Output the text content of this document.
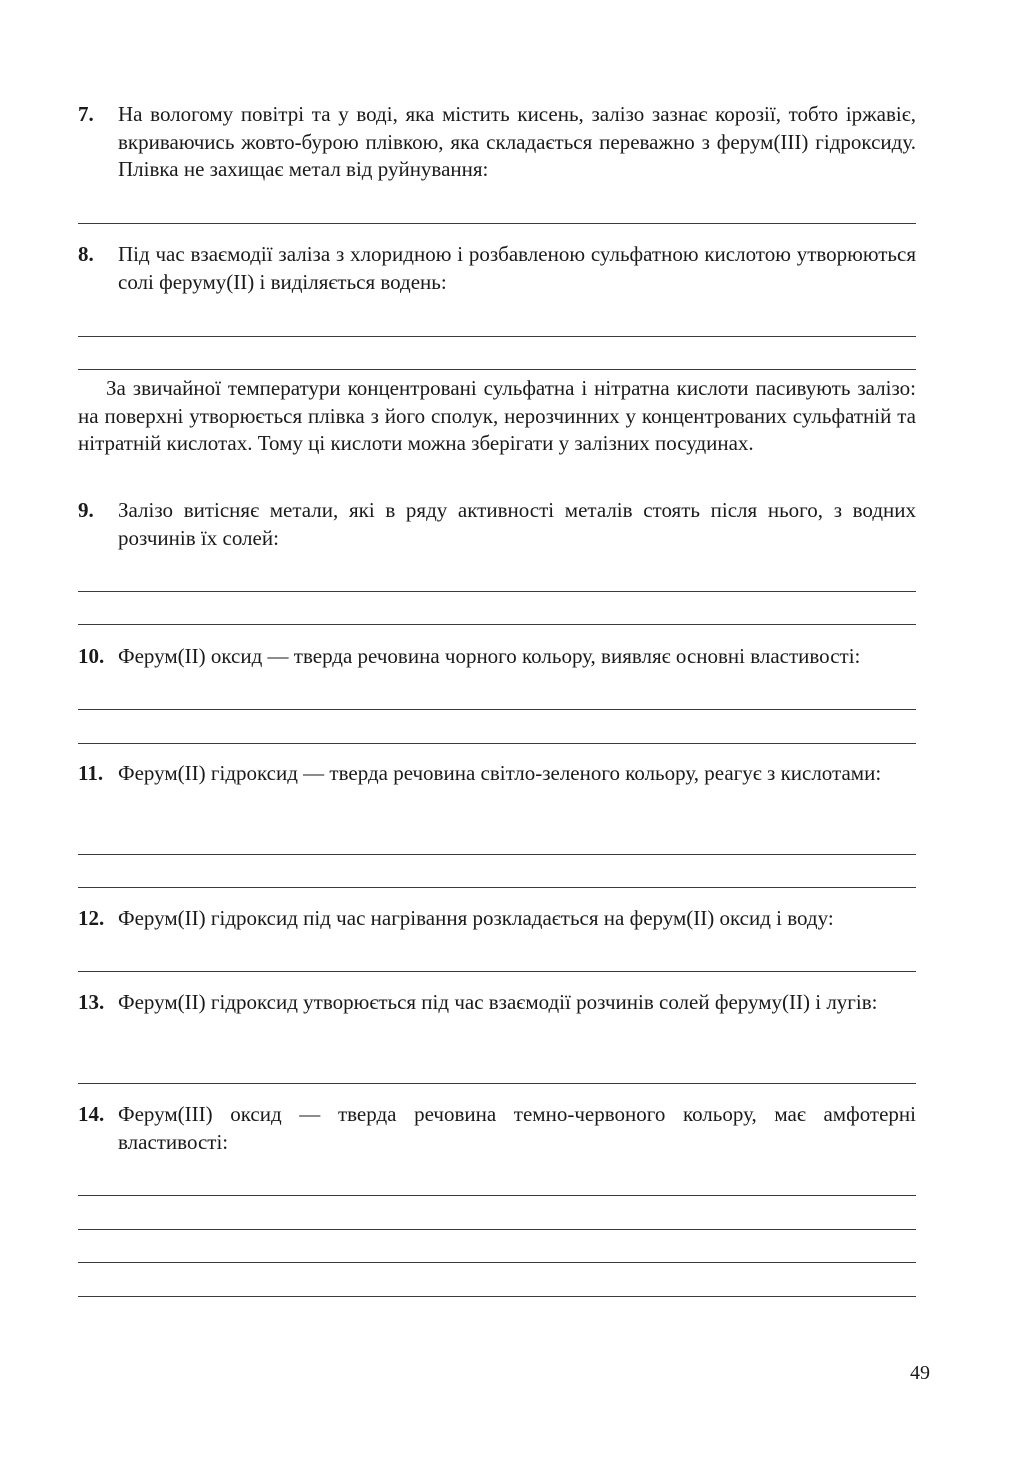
7. На вологому повітрі та у воді, яка містить кисень, залізо зазнає корозії, тобто іржавіє, вкриваючись жовто-бурою плівкою, яка складається переважно з ферум(III) гідроксиду. Плівка не захищає метал від руйнування:
8. Під час взаємодії заліза з хлоридною і розбавленою сульфатною кислотою утворюються солі феруму(II) і виділяється водень:
За звичайної температури концентровані сульфатна і нітратна кислоти пасивують залізо: на поверхні утворюється плівка з його сполук, нерозчинних у концентрованих сульфатній та нітратній кислотах. Тому ці кислоти можна зберігати у залізних посудинах.
9. Залізо витісняє метали, які в ряду активності металів стоять після нього, з водних розчинів їх солей:
10. Ферум(II) оксид — тверда речовина чорного кольору, виявляє основні властивості:
11. Ферум(II) гідроксид — тверда речовина світло-зеленого кольору, реагує з кислотами:
12. Ферум(II) гідроксид під час нагрівання розкладається на ферум(II) оксид і воду:
13. Ферум(II) гідроксид утворюється під час взаємодії розчинів солей феруму(II) і лугів:
14. Ферум(III) оксид — тверда речовина темно-червоного кольору, має амфотерні властивості:
49
